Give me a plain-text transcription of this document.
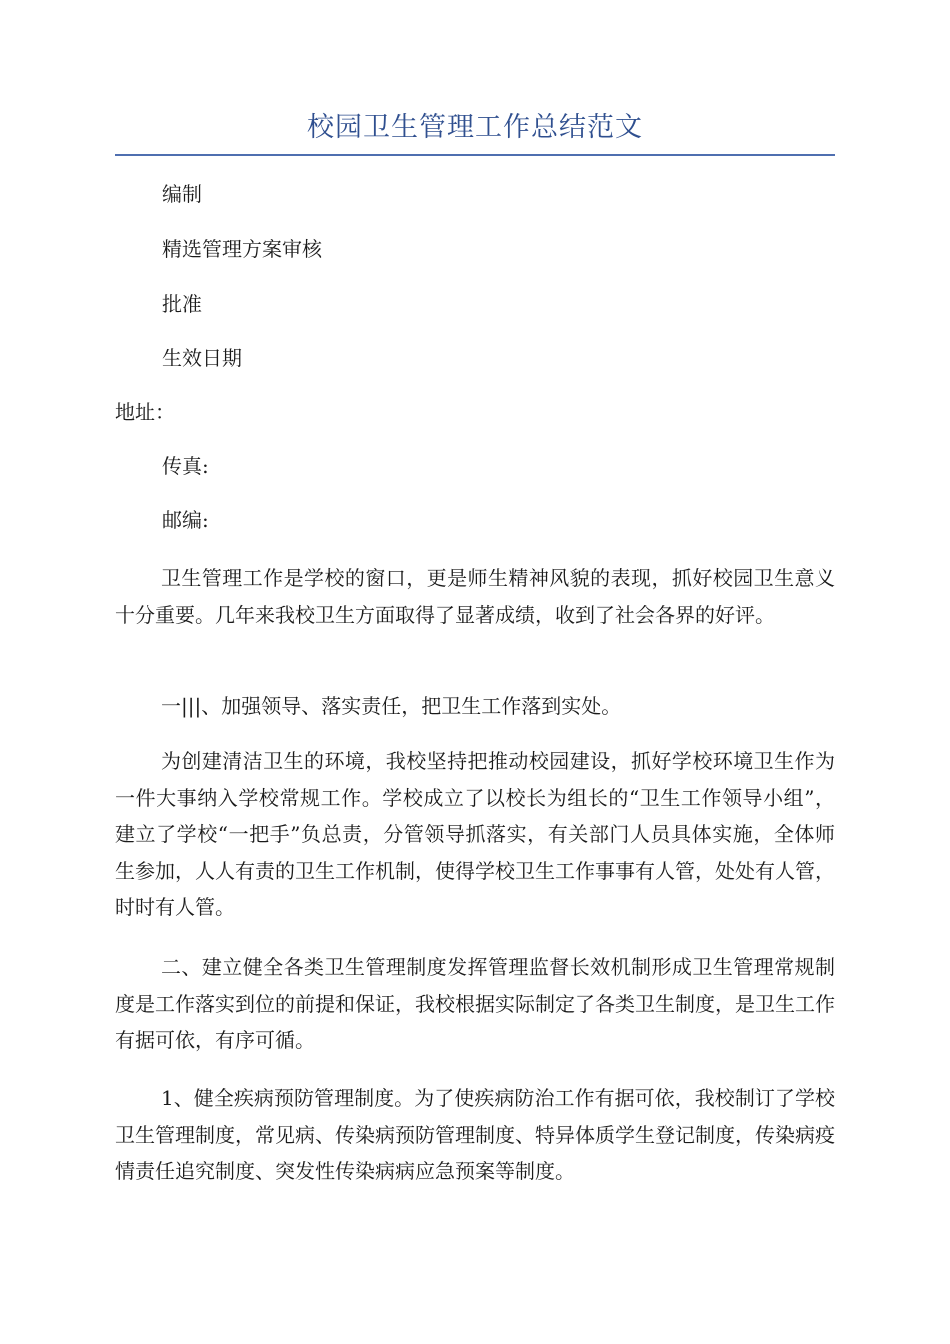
校园卫生管理工作总结范文
编制
精选管理方案审核
批准
生效日期
地址：
传真:
邮编:

卫生管理工作是学校的窗口，更是师生精神风貌的表现，抓好校园卫生意义十分重要。几年来我校卫生方面取得了显著成绩，收到了社会各界的好评。

一|||、加强领导、落实责任，把卫生工作落到实处。

为创建清洁卫生的环境，我校坚持把推动校园建设，抓好学校环境卫生作为一件大事纳入学校常规工作。学校成立了以校长为组长的“卫生工作领导小组”，建立了学校“一把手”负总责，分管领导抓落实，有关部门人员具体实施，全体师生参加，人人有责的卫生工作机制，使得学校卫生工作事事有人管，处处有人管，时时有人管。

二、建立健全各类卫生管理制度发挥管理监督长效机制形成卫生管理常规制度是工作落实到位的前提和保证，我校根据实际制定了各类卫生制度，是卫生工作有据可依，有序可循。

1、健全疾病预防管理制度。为了使疾病防治工作有据可依，我校制订了学校卫生管理制度，常见病、传染病预防管理制度、特异体质学生登记制度，传染病疫情责任追究制度、突发性传染病病应急预案等制度。
